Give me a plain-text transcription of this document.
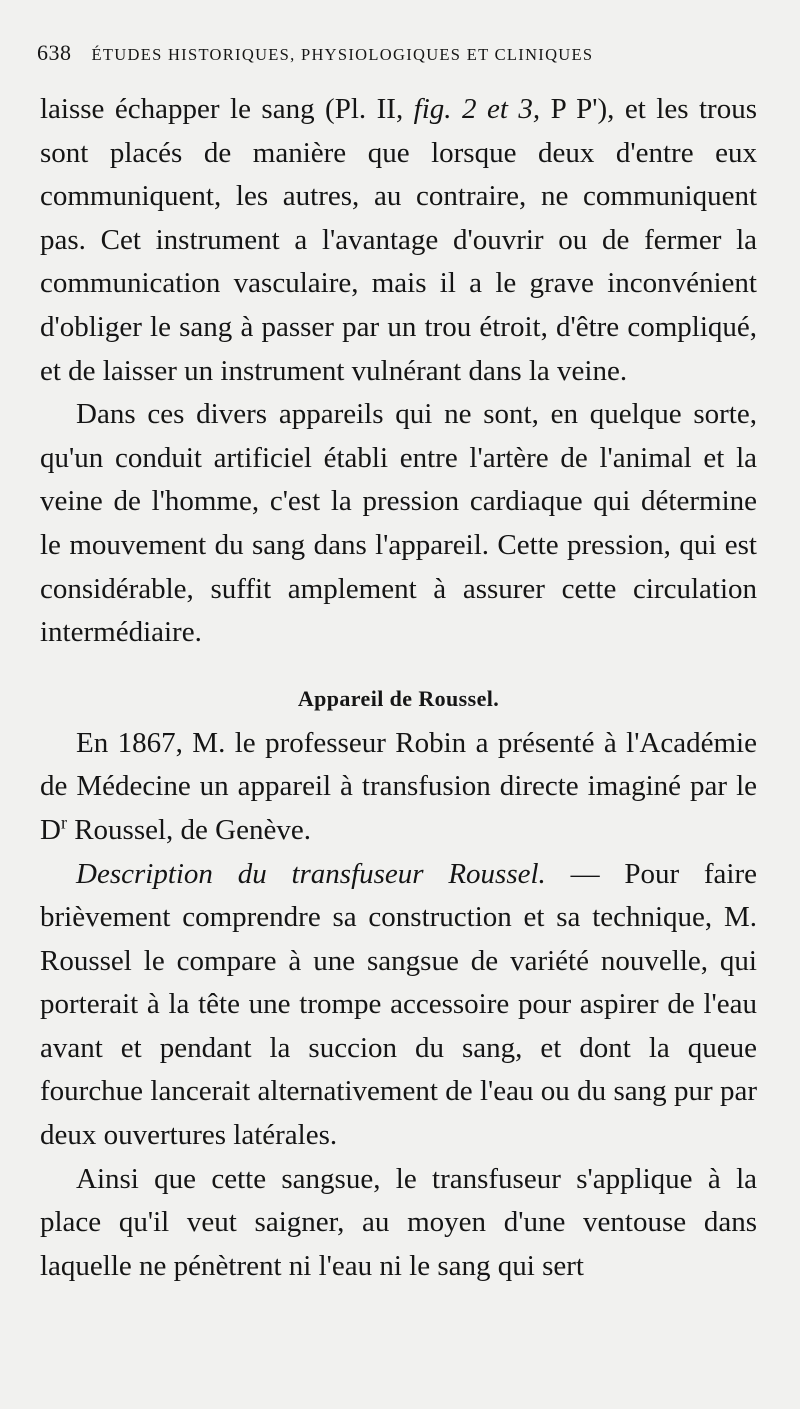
638 ÉTUDES HISTORIQUES, PHYSIOLOGIQUES ET CLINIQUES

laisse échapper le sang (Pl. II, fig. 2 et 3, P P'), et les trous sont placés de manière que lorsque deux d'entre eux communiquent, les autres, au contraire, ne communiquent pas. Cet instrument a l'avantage d'ouvrir ou de fermer la communication vasculaire, mais il a le grave inconvénient d'obliger le sang à passer par un trou étroit, d'être compliqué, et de laisser un instrument vulnérant dans la veine.

Dans ces divers appareils qui ne sont, en quelque sorte, qu'un conduit artificiel établi entre l'artère de l'animal et la veine de l'homme, c'est la pression cardiaque qui détermine le mouvement du sang dans l'appareil. Cette pression, qui est considérable, suffit amplement à assurer cette circulation intermédiaire.

Appareil de Roussel.

En 1867, M. le professeur Robin a présenté à l'Académie de Médecine un appareil à transfusion directe imaginé par le $D^r$ Roussel, de Genève.

Description du transfuseur Roussel. — Pour faire brièvement comprendre sa construction et sa technique, M. Roussel le compare à une sangsue de variété nouvelle, qui porterait à la tête une trompe accessoire pour aspirer de l'eau avant et pendant la succion du sang, et dont la queue fourchue lancerait alternativement de l'eau ou du sang pur par deux ouvertures latérales.

Ainsi que cette sangsue, le transfuseur s'applique à la place qu'il veut saigner, au moyen d'une ventouse dans laquelle ne pénètrent ni l'eau ni le sang qui sert
